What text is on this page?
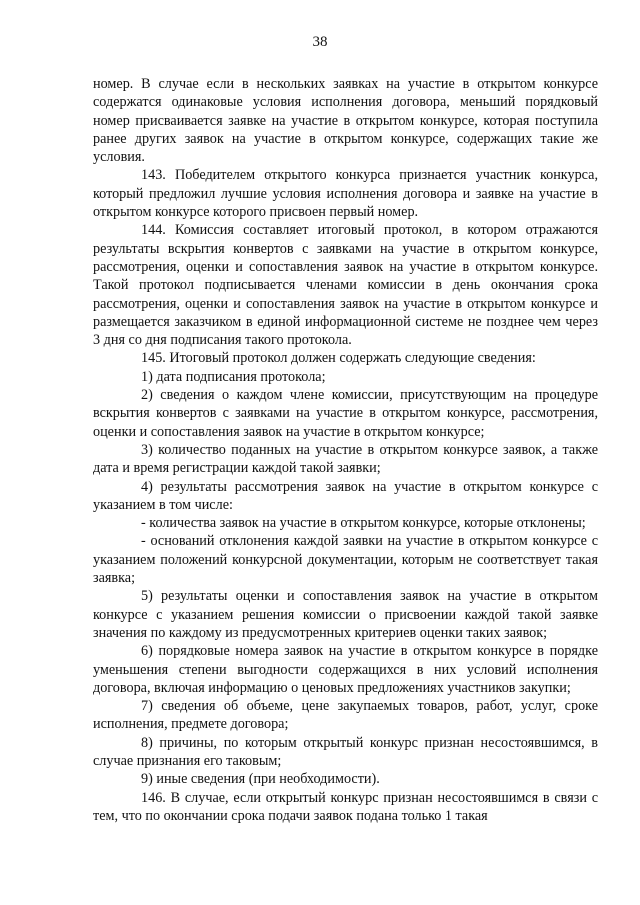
38

номер. В случае если в нескольких заявках на участие в открытом конкурсе содержатся одинаковые условия исполнения договора, меньший порядковый номер присваивается заявке на участие в открытом конкурсе, которая поступила ранее других заявок на участие в открытом конкурсе, содержащих такие же условия.

143. Победителем открытого конкурса признается участник конкурса, который предложил лучшие условия исполнения договора и заявке на участие в открытом конкурсе которого присвоен первый номер.

144. Комиссия составляет итоговый протокол, в котором отражаются результаты вскрытия конвертов с заявками на участие в открытом конкурсе, рассмотрения, оценки и сопоставления заявок на участие в открытом конкурсе. Такой протокол подписывается членами комиссии в день окончания срока рассмотрения, оценки и сопоставления заявок на участие в открытом конкурсе и размещается заказчиком в единой информационной системе не позднее чем через 3 дня со дня подписания такого протокола.

145. Итоговый протокол должен содержать следующие сведения:

1) дата подписания протокола;

2) сведения о каждом члене комиссии, присутствующим на процедуре вскрытия конвертов с заявками на участие в открытом конкурсе, рассмотрения, оценки и сопоставления заявок на участие в открытом конкурсе;

3) количество поданных на участие в открытом конкурсе заявок, а также дата и время регистрации каждой такой заявки;

4) результаты рассмотрения заявок на участие в открытом конкурсе с указанием в том числе:

- количества заявок на участие в открытом конкурсе, которые отклонены;

- оснований отклонения каждой заявки на участие в открытом конкурсе с указанием положений конкурсной документации, которым не соответствует такая заявка;

5) результаты оценки и сопоставления заявок на участие в открытом конкурсе с указанием решения комиссии о присвоении каждой такой заявке значения по каждому из предусмотренных критериев оценки таких заявок;

6) порядковые номера заявок на участие в открытом конкурсе в порядке уменьшения степени выгодности содержащихся в них условий исполнения договора, включая информацию о ценовых предложениях участников закупки;

7) сведения об объеме, цене закупаемых товаров, работ, услуг, сроке исполнения, предмете договора;

8) причины, по которым открытый конкурс признан несостоявшимся, в случае признания его таковым;

9) иные сведения (при необходимости).

146. В случае, если открытый конкурс признан несостоявшимся в связи с тем, что по окончании срока подачи заявок подана только 1 такая
